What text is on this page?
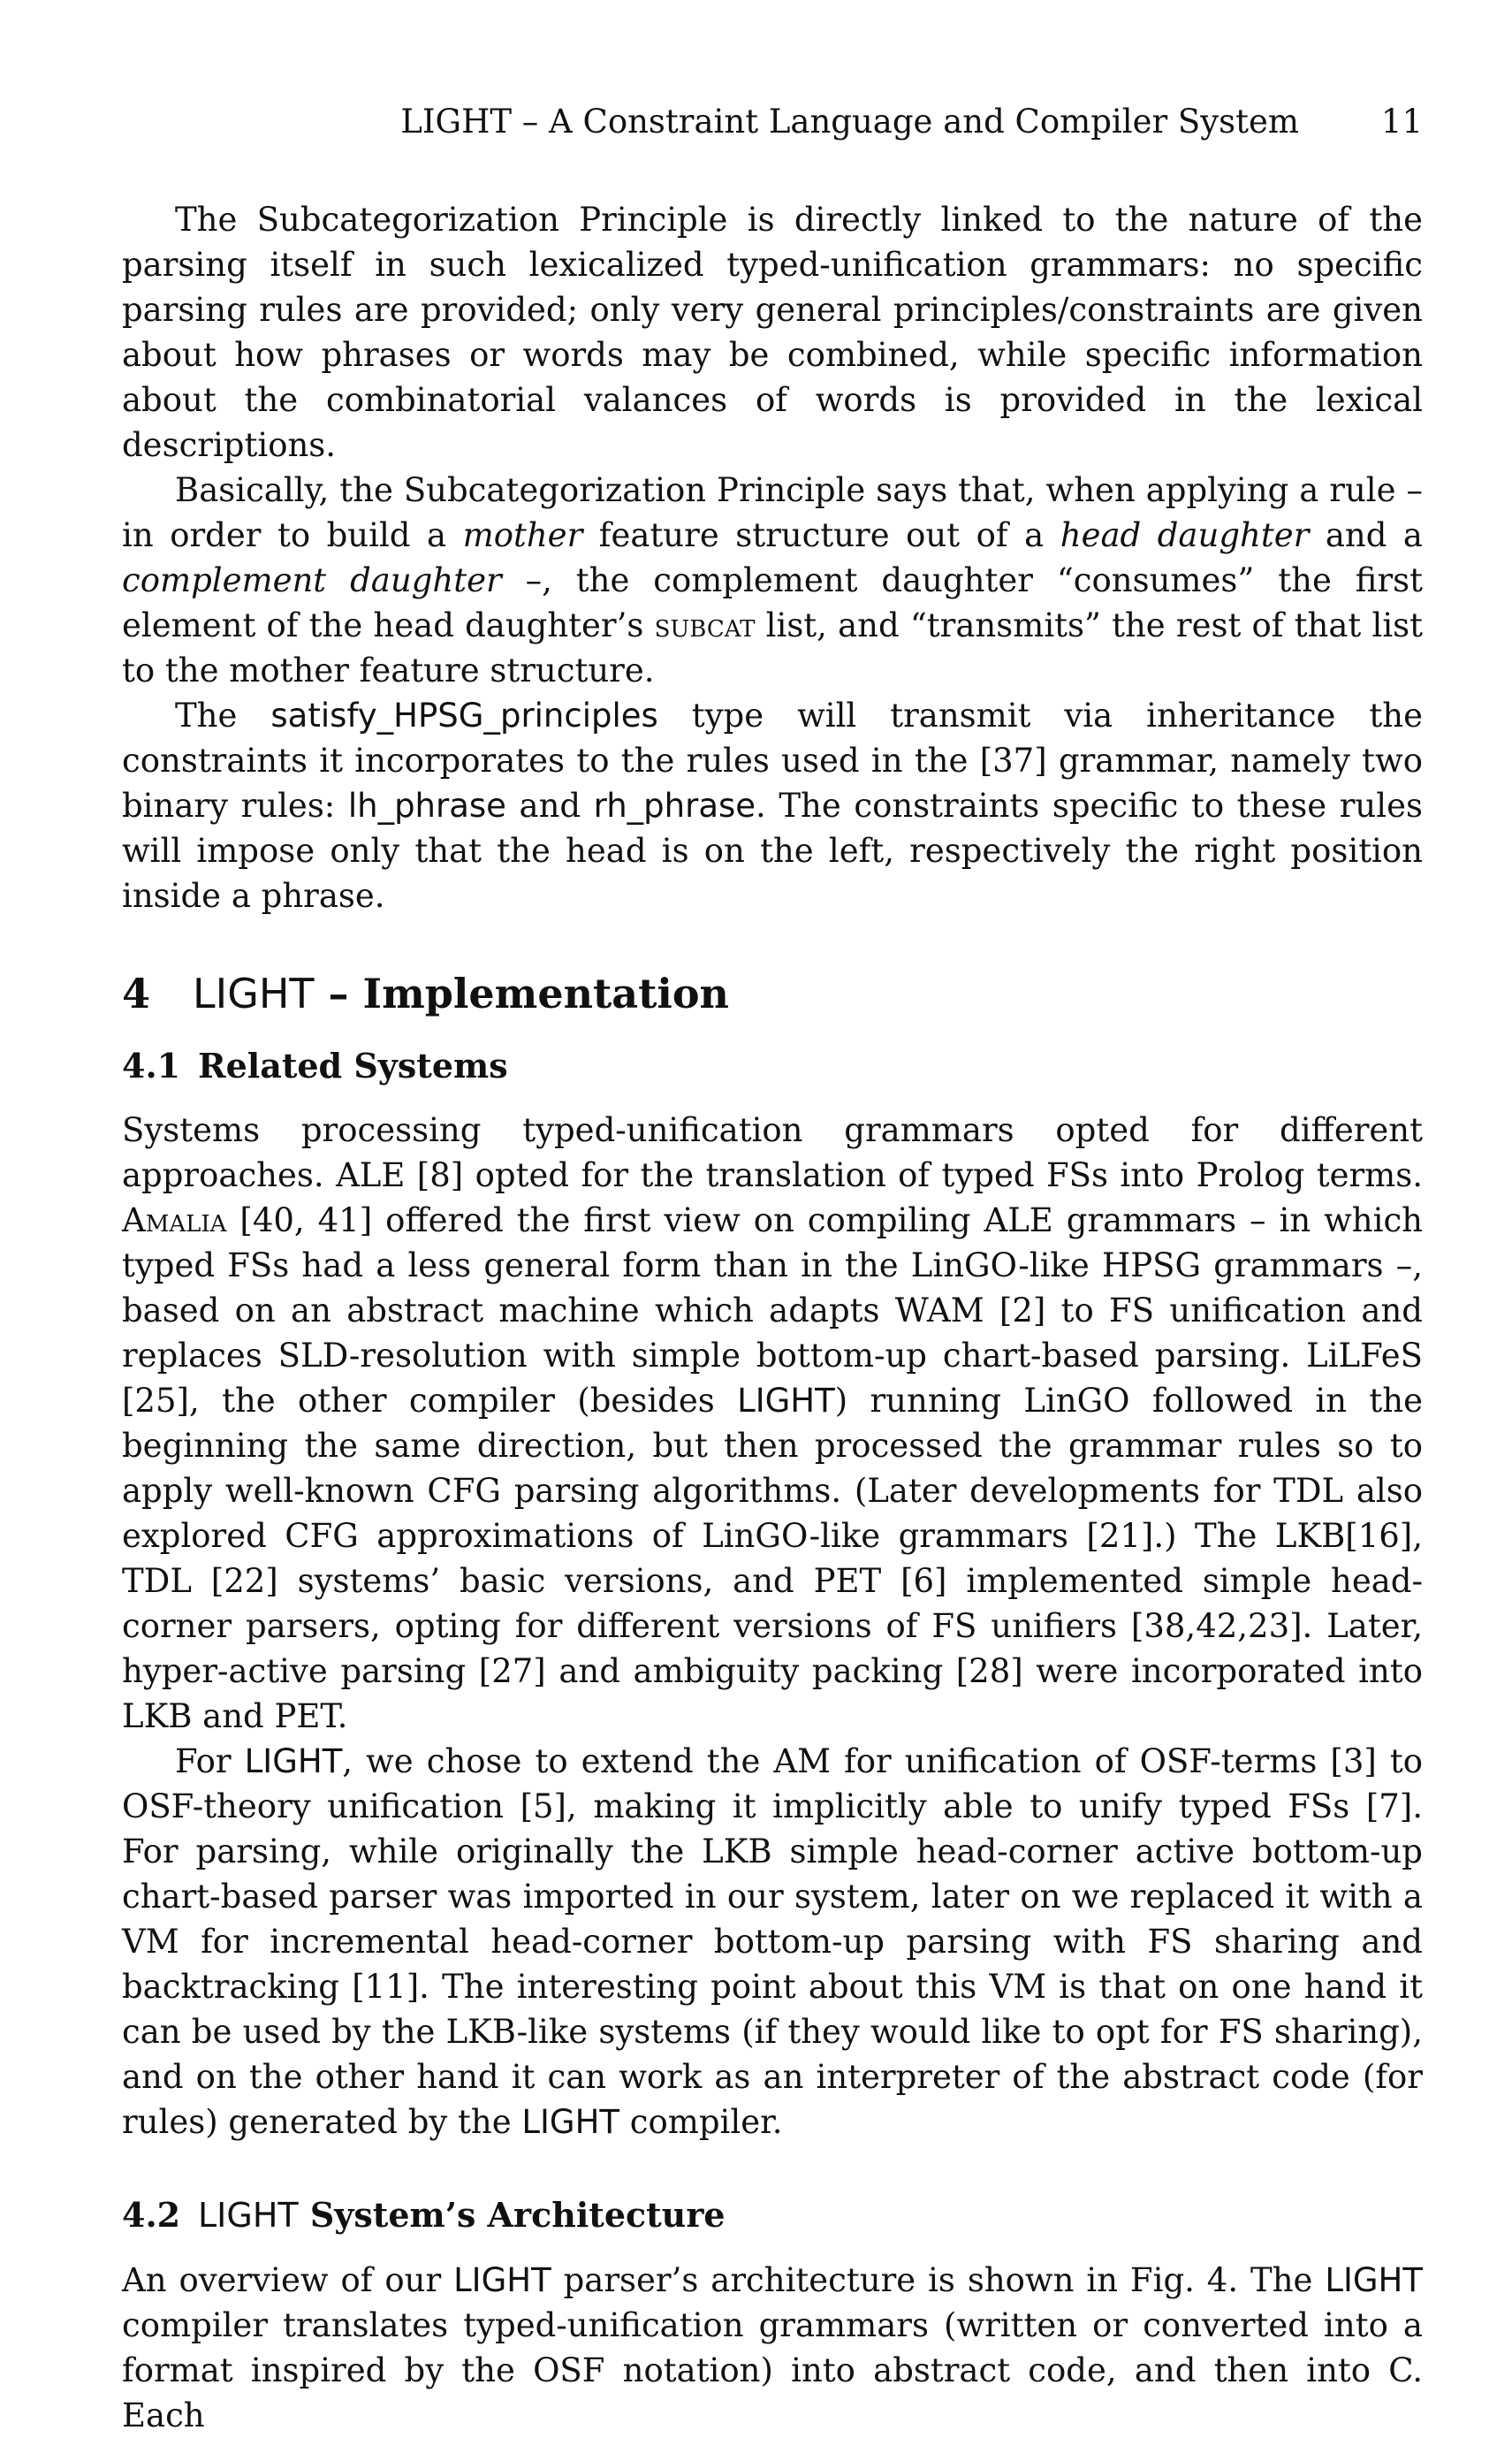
LIGHT – A Constraint Language and Compiler System	11

The Subcategorization Principle is directly linked to the nature of the parsing itself in such lexicalized typed-unification grammars: no specific parsing rules are provided; only very general principles/constraints are given about how phrases or words may be combined, while specific information about the combinatorial valances of words is provided in the lexical descriptions.

Basically, the Subcategorization Principle says that, when applying a rule – in order to build a mother feature structure out of a head daughter and a complement daughter –, the complement daughter “consumes” the first element of the head daughter’s subcat list, and “transmits” the rest of that list to the mother feature structure.

The satisfy_HPSG_principles type will transmit via inheritance the constraints it incorporates to the rules used in the [37] grammar, namely two binary rules: lh_phrase and rh_phrase. The constraints specific to these rules will impose only that the head is on the left, respectively the right position inside a phrase.

4 LIGHT – Implementation
4.1 Related Systems

Systems processing typed-unification grammars opted for different approaches. ALE [8] opted for the translation of typed FSs into Prolog terms. Amalia [40, 41] offered the first view on compiling ALE grammars – in which typed FSs had a less general form than in the LinGO-like HPSG grammars –, based on an abstract machine which adapts WAM [2] to FS unification and replaces SLD-resolution with simple bottom-up chart-based parsing. LiLFeS [25], the other compiler (besides LIGHT) running LinGO followed in the beginning the same direction, but then processed the grammar rules so to apply well-known CFG parsing algorithms. (Later developments for TDL also explored CFG approximations of LinGO-like grammars [21].) The LKB[16], TDL [22] systems’ basic versions, and PET [6] implemented simple head-corner parsers, opting for different versions of FS unifiers [38,42,23]. Later, hyper-active parsing [27] and ambiguity packing [28] were incorporated into LKB and PET.

For LIGHT, we chose to extend the AM for unification of OSF-terms [3] to OSF-theory unification [5], making it implicitly able to unify typed FSs [7]. For parsing, while originally the LKB simple head-corner active bottom-up chart-based parser was imported in our system, later on we replaced it with a VM for incremental head-corner bottom-up parsing with FS sharing and backtracking [11]. The interesting point about this VM is that on one hand it can be used by the LKB-like systems (if they would like to opt for FS sharing), and on the other hand it can work as an interpreter of the abstract code (for rules) generated by the LIGHT compiler.

4.2 LIGHT System’s Architecture

An overview of our LIGHT parser’s architecture is shown in Fig. 4. The LIGHT compiler translates typed-unification grammars (written or converted into a format inspired by the OSF notation) into abstract code, and then into C. Each
